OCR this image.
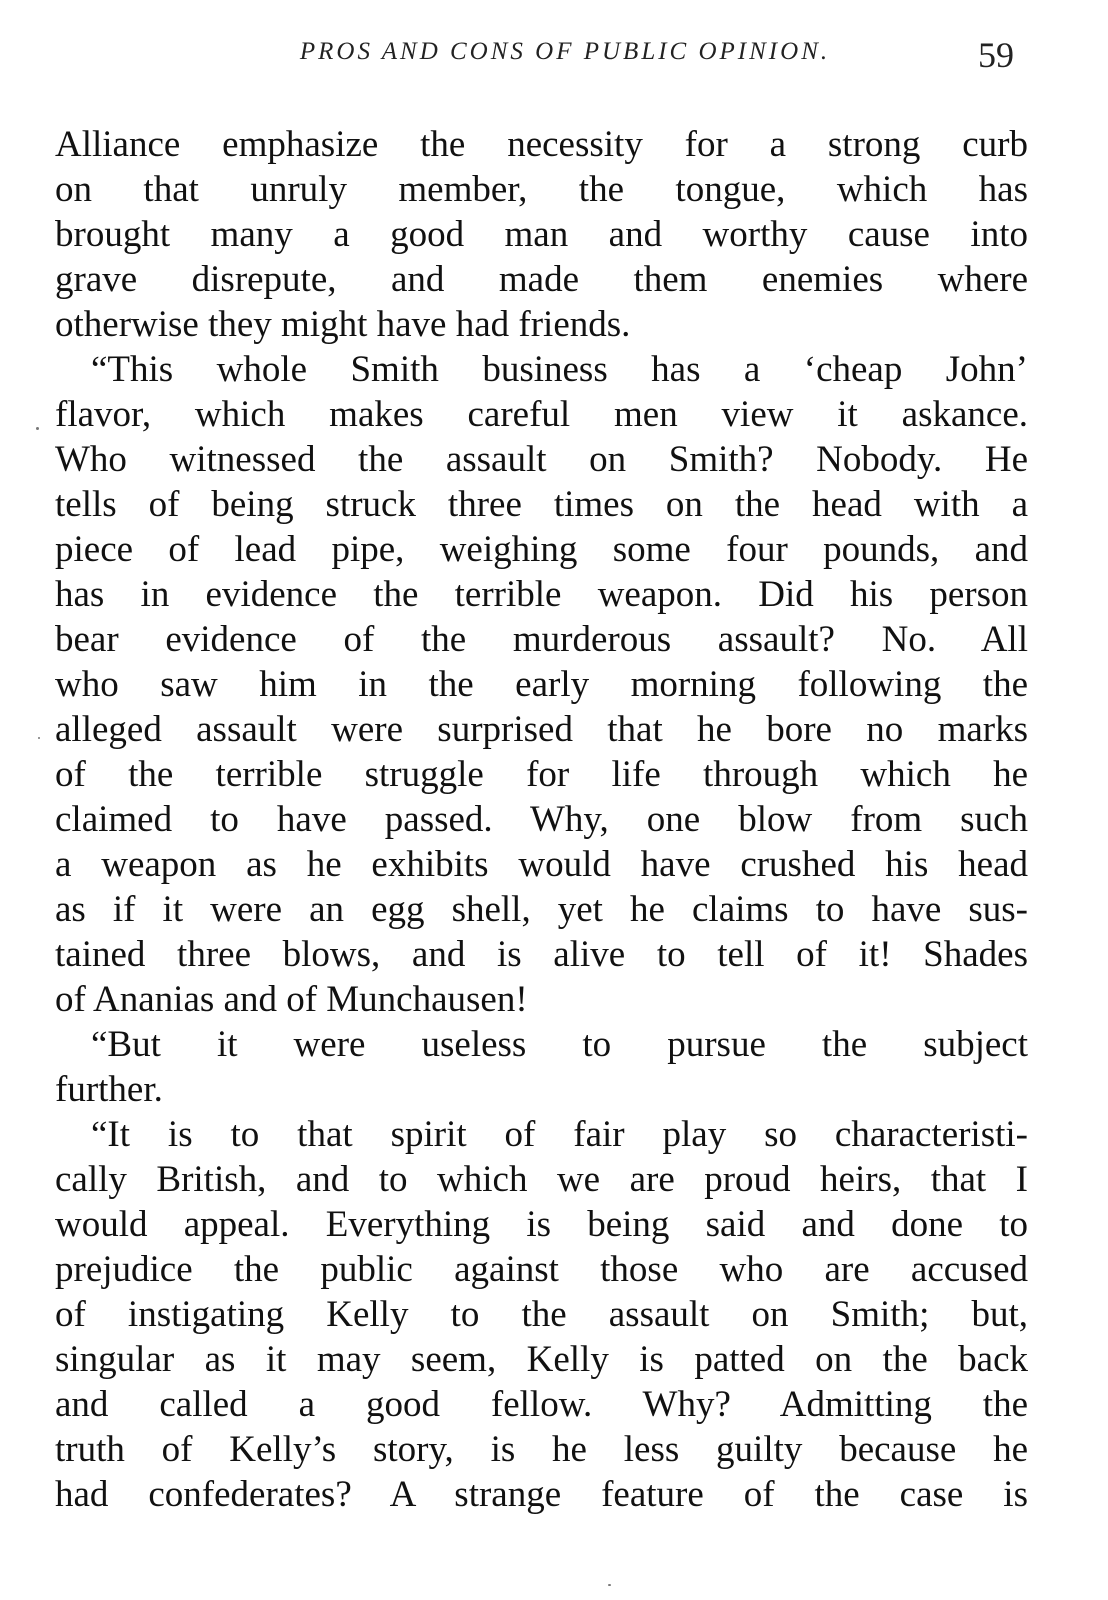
PROS AND CONS OF PUBLIC OPINION.	59
Alliance emphasize the necessity for a strong curb
on that unruly member, the tongue, which has
brought many a good man and worthy cause into
grave disrepute, and made them enemies where
otherwise they might have had friends.
“This whole Smith business has a ‘cheap John’
flavor, which makes careful men view it askance.
Who witnessed the assault on Smith? Nobody. He
tells of being struck three times on the head with a
piece of lead pipe, weighing some four pounds, and
has in evidence the terrible weapon. Did his person
bear evidence of the murderous assault? No. All
who saw him in the early morning following the
alleged assault were surprised that he bore no marks
of the terrible struggle for life through which he
claimed to have passed. Why, one blow from such
a weapon as he exhibits would have crushed his head
as if it were an egg shell, yet he claims to have sus-
tained three blows, and is alive to tell of it! Shades
of Ananias and of Munchausen!
“But it were useless to pursue the subject
further.
“It is to that spirit of fair play so characteristi-
cally British, and to which we are proud heirs, that I
would appeal. Everything is being said and done to
prejudice the public against those who are accused
of instigating Kelly to the assault on Smith; but,
singular as it may seem, Kelly is patted on the back
and called a good fellow. Why? Admitting the
truth of Kelly’s story, is he less guilty because he
had confederates? A strange feature of the case is
